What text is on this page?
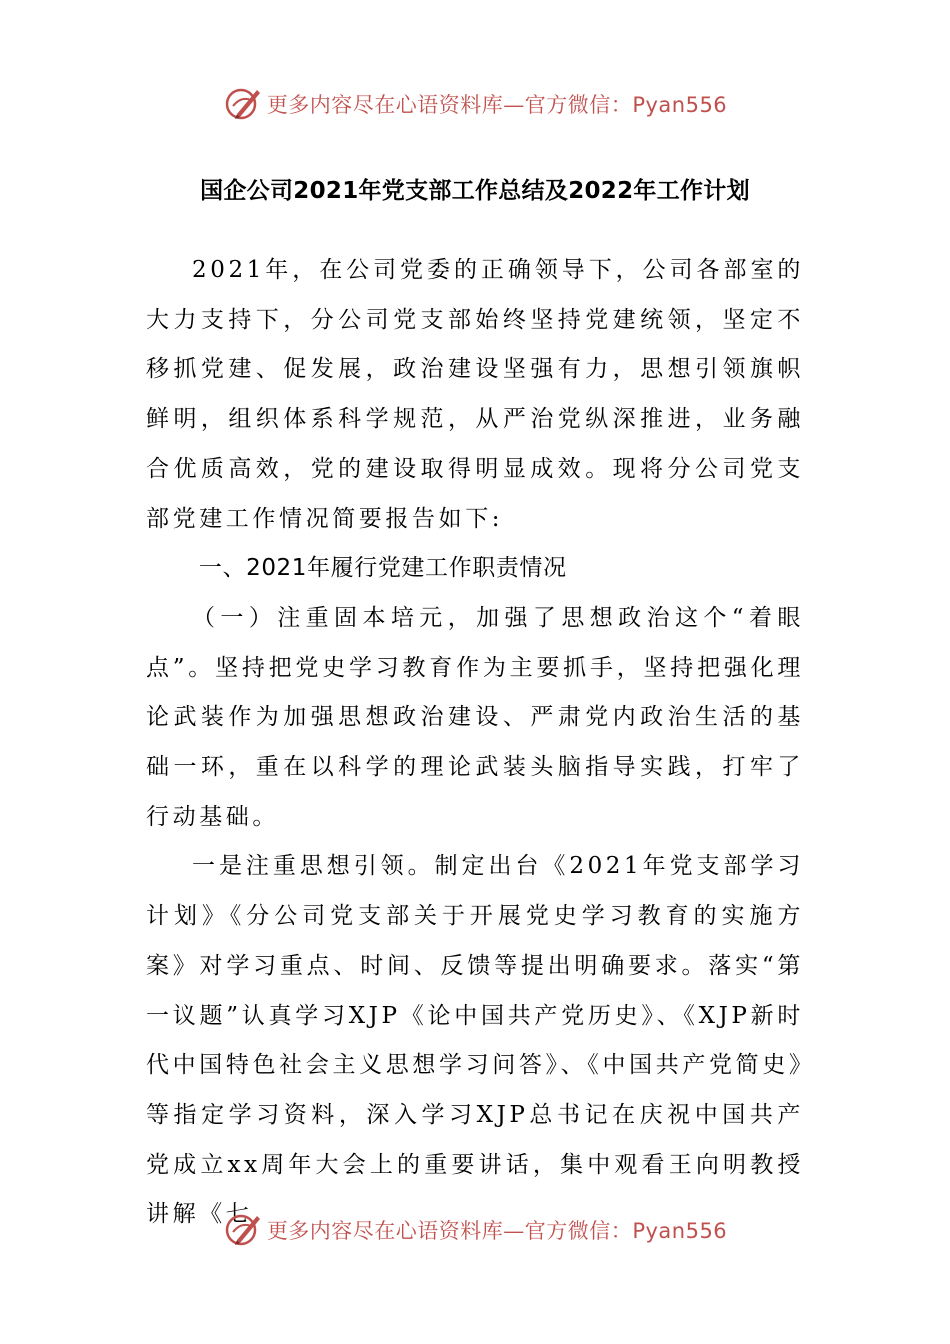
更多内容尽在心语资料库—官方微信：Pyan556
国企公司2021年党支部工作总结及2022年工作计划

2021年，在公司党委的正确领导下，公司各部室的大力支持下，分公司党支部始终坚持党建统领，坚定不移抓党建、促发展，政治建设坚强有力，思想引领旗帜鲜明，组织体系科学规范，从严治党纵深推进，业务融合优质高效，党的建设取得明显成效。现将分公司党支部党建工作情况简要报告如下:

一、2021年履行党建工作职责情况

（一）注重固本培元，加强了思想政治这个“着眼点”。坚持把党史学习教育作为主要抓手，坚持把强化理论武装作为加强思想政治建设、严肃党内政治生活的基础一环，重在以科学的理论武装头脑指导实践，打牢了行动基础。

一是注重思想引领。制定出台《2021年党支部学习计划》《分公司党支部关于开展党史学习教育的实施方案》对学习重点、时间、反馈等提出明确要求。落实“第一议题”认真学习XJP《论中国共产党历史》、《XJP新时代中国特色社会主义思想学习问答》、《中国共产党简史》等指定学习资料，深入学习XJP总书记在庆祝中国共产党成立xx周年大会上的重要讲话，集中观看王向明教授讲解《七

更多内容尽在心语资料库—官方微信：Pyan556
